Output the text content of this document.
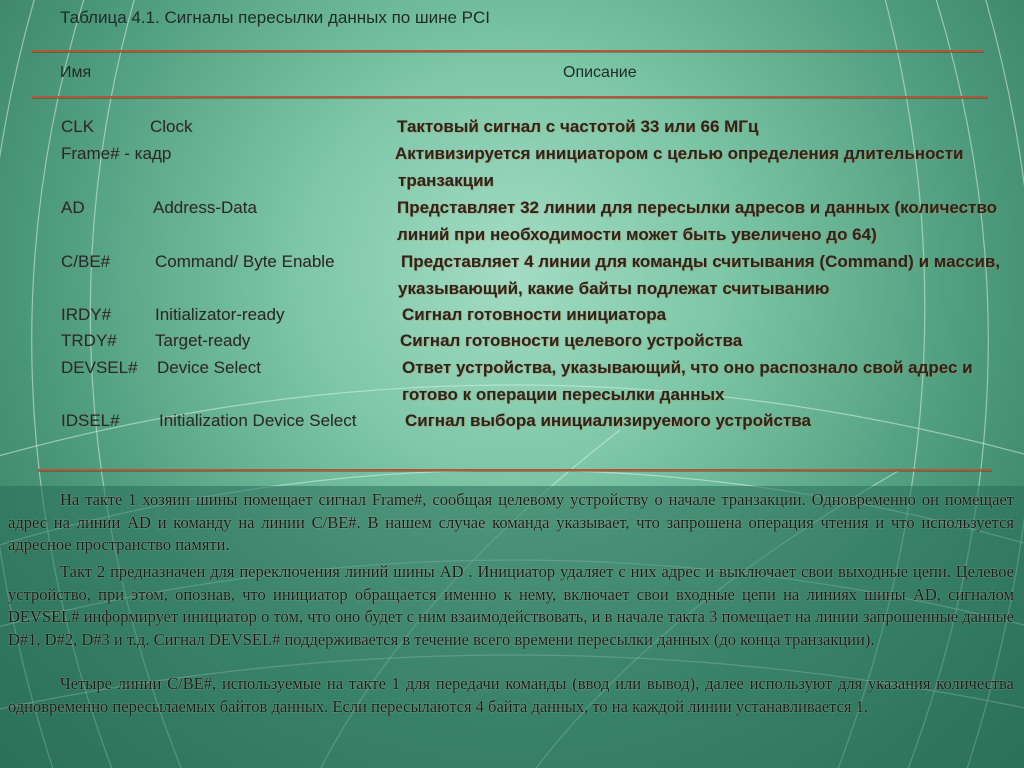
Таблица 4.1. Сигналы пересылки данных по шине PCI
Имя	Описание
CLK	Clock	Тактовый сигнал с частотой 33 или 66 МГц
Frame# - кадр	Активизируется инициатором с целью определения длительности
транзакции
AD	Address-Data	Представляет 32 линии для пересылки адресов и данных (количество
линий при необходимости может быть увеличено до 64)
C/BE#	Command/ Byte Enable	Представляет 4 линии для команды считывания (Command) и массив,
указывающий, какие байты подлежат считыванию
IRDY#	Initializator-ready	Сигнал готовности инициатора
TRDY# Target-ready	Сигнал готовности целевого устройства
DEVSEL# Device Select	Ответ устройства, указывающий, что оно распознало свой адрес и
готово к операции пересылки данных
IDSEL# Initialization Device Select	Сигнал выбора инициализируемого устройства

На такте 1 хозяин шины помещает сигнал Frame#, сообщая целевому устройству о начале транзакции. Одновременно он помещает адрес на линии AD и команду на линии C/BE#. В нашем случае команда указывает, что запрошена операция чтения и что используется адресное пространство памяти.

Такт 2 предназначен для переключения линий шины AD . Инициатор удаляет с них адрес и выключает свои выходные цепи. Целевое устройство, при этом, опознав, что инициатор обращается именно к нему, включает свои входные цепи на линиях шины AD, сигналом DEVSEL# информирует инициатор о том, что оно будет с ним взаимодействовать, и в начале такта 3 помещает на линии запрошенные данные D#1, D#2, D#3 и т.д. Сигнал DEVSEL# поддерживается в течение всего времени пересылки данных (до конца транзакции).

Четыре линии C/BE#, используемые на такте 1 для передачи команды (ввод или вывод), далее используют для указания количества одновременно пересылаемых байтов данных. Если пересылаются 4 байта данных, то на каждой линии устанавливается 1.
